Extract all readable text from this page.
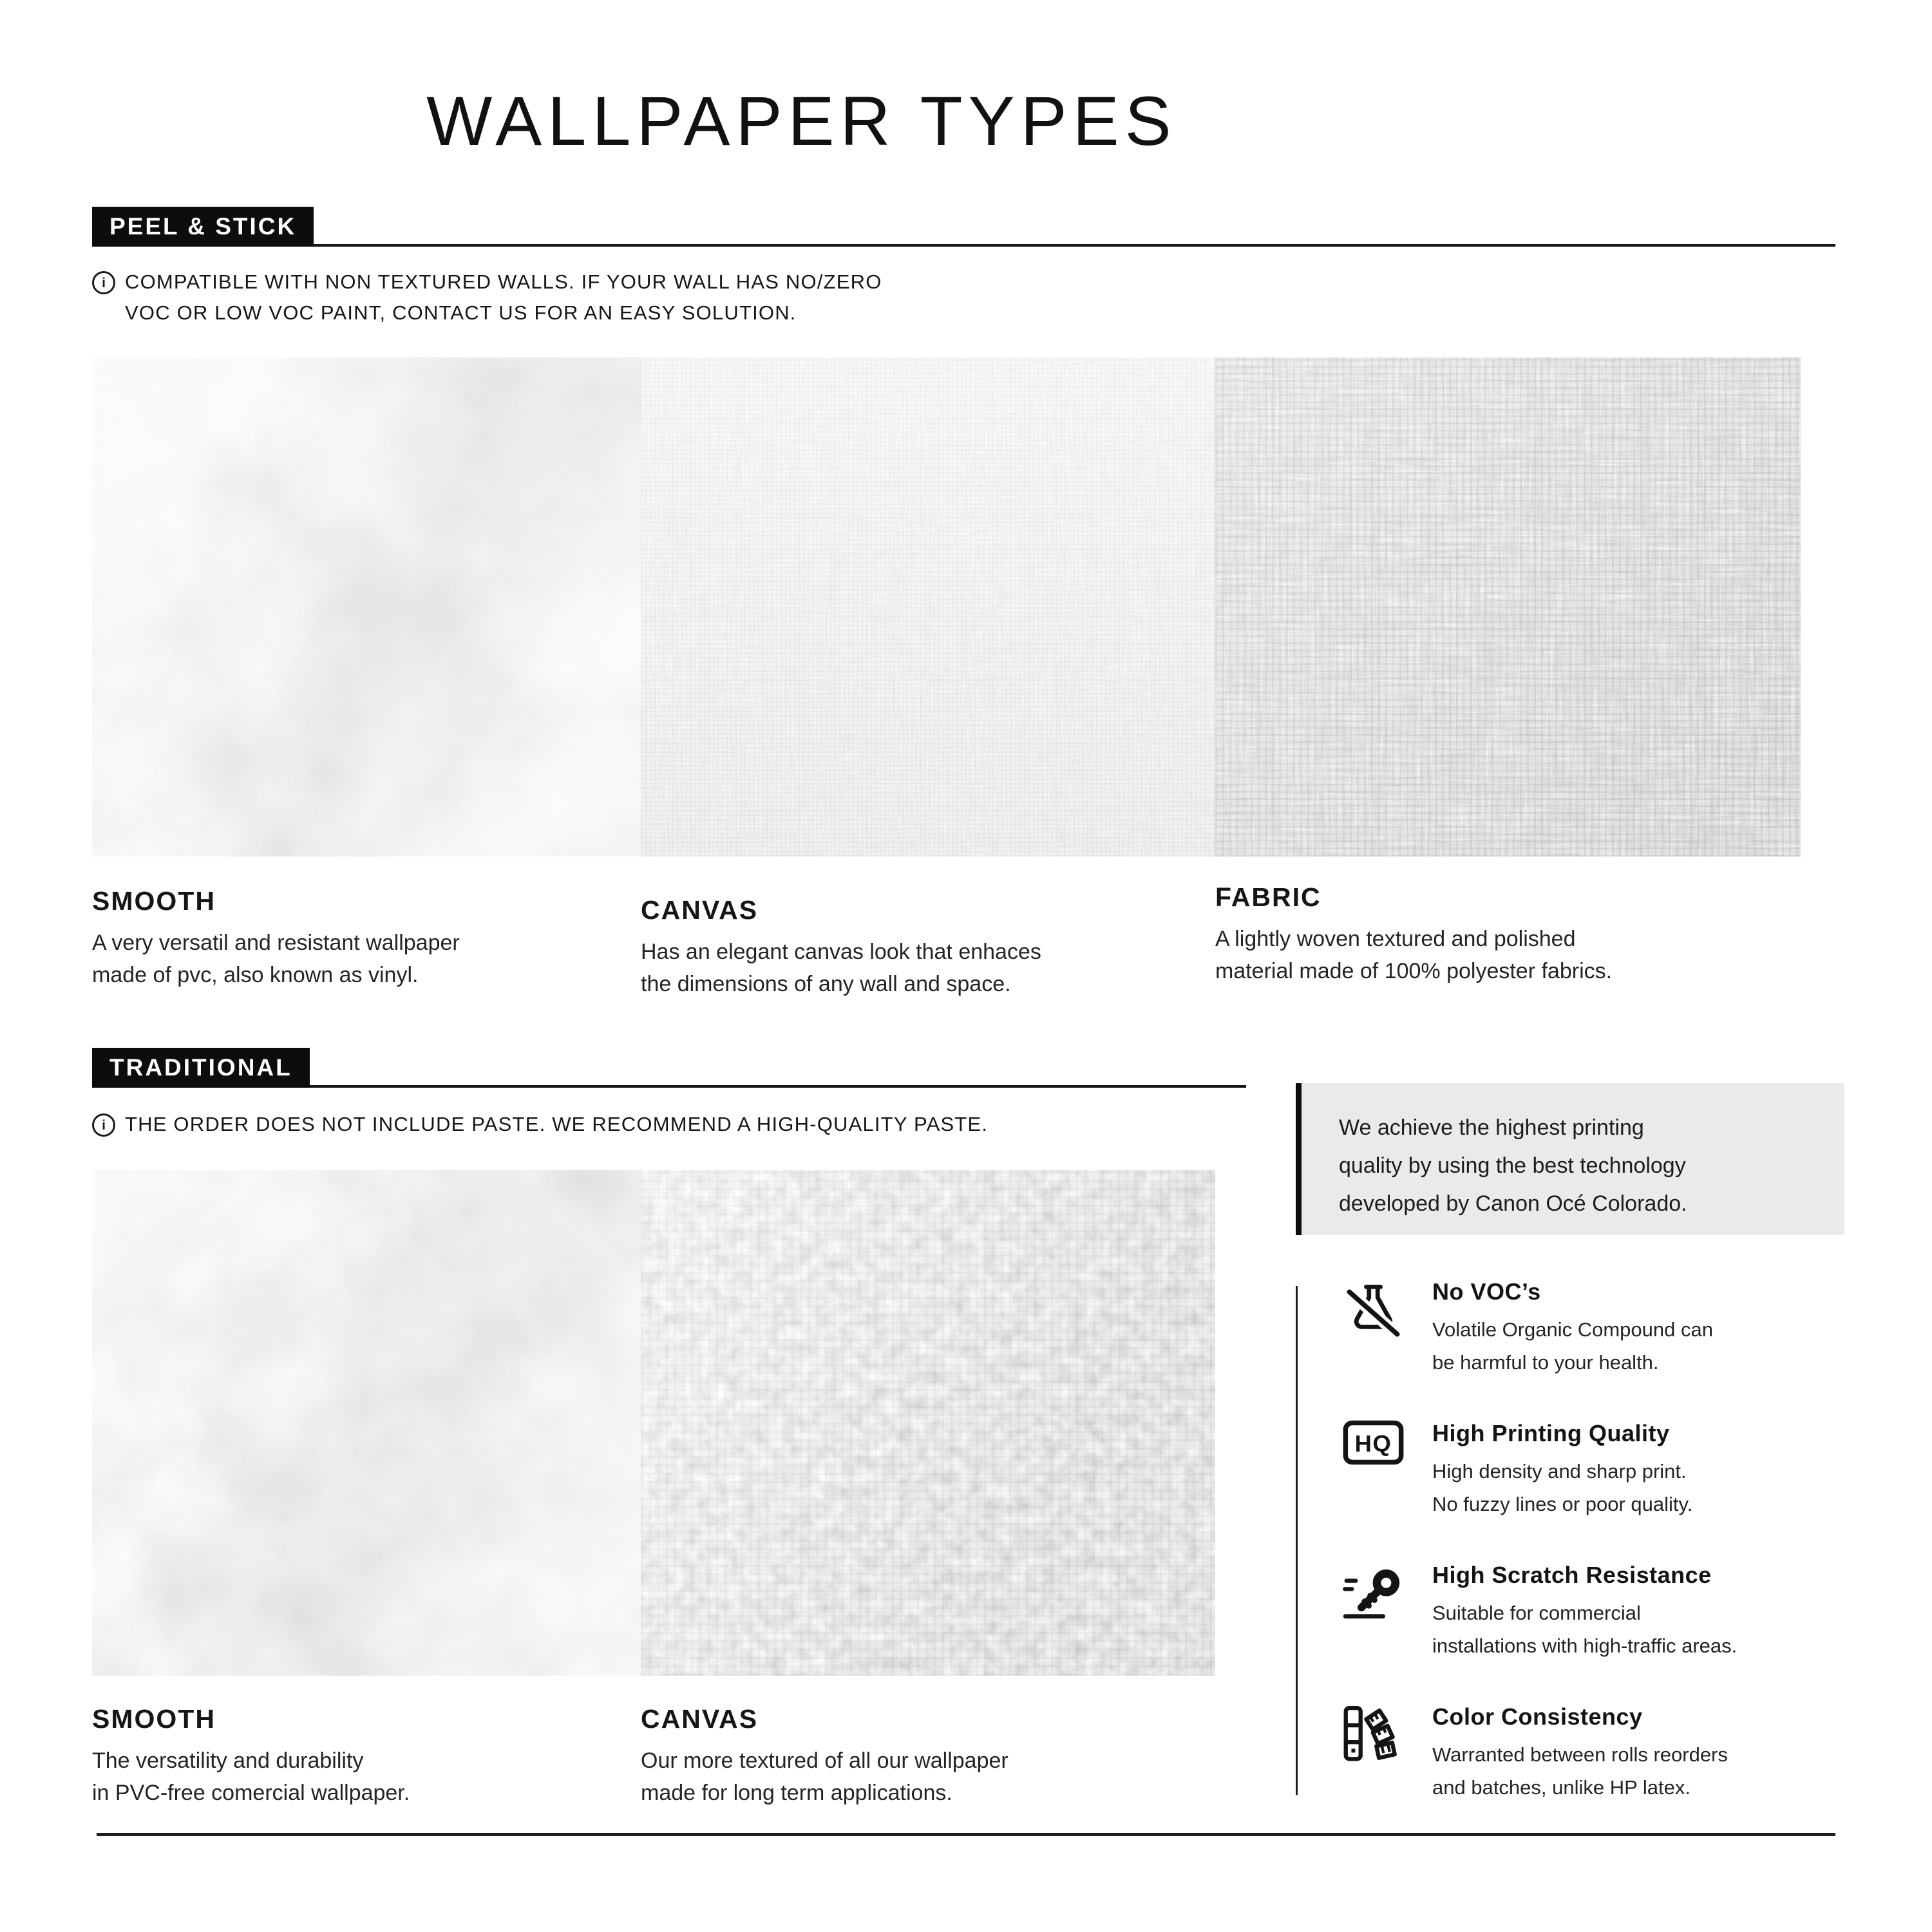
WALLPAPER TYPES
PEEL & STICK
i COMPATIBLE WITH NON TEXTURED WALLS. IF YOUR WALL HAS NO/ZERO
VOC OR LOW VOC PAINT, CONTACT US FOR AN EASY SOLUTION.
SMOOTH
A very versatil and resistant wallpaper
made of pvc, also known as vinyl.
CANVAS
Has an elegant canvas look that enhaces
the dimensions of any wall and space.
FABRIC
A lightly woven textured and polished
material made of 100% polyester fabrics.
TRADITIONAL
i THE ORDER DOES NOT INCLUDE PASTE. WE RECOMMEND A HIGH-QUALITY PASTE.
SMOOTH
The versatility and durability
in PVC-free comercial wallpaper.
CANVAS
Our more textured of all our wallpaper
made for long term applications.
We achieve the highest printing
quality by using the best technology
developed by Canon Océ Colorado.
No VOC’s
Volatile Organic Compound can
be harmful to your health.
HQ High Printing Quality
High density and sharp print.
No fuzzy lines or poor quality.
High Scratch Resistance
Suitable for commercial
installations with high-traffic areas.
Color Consistency
Warranted between rolls reorders
and batches, unlike HP latex.
